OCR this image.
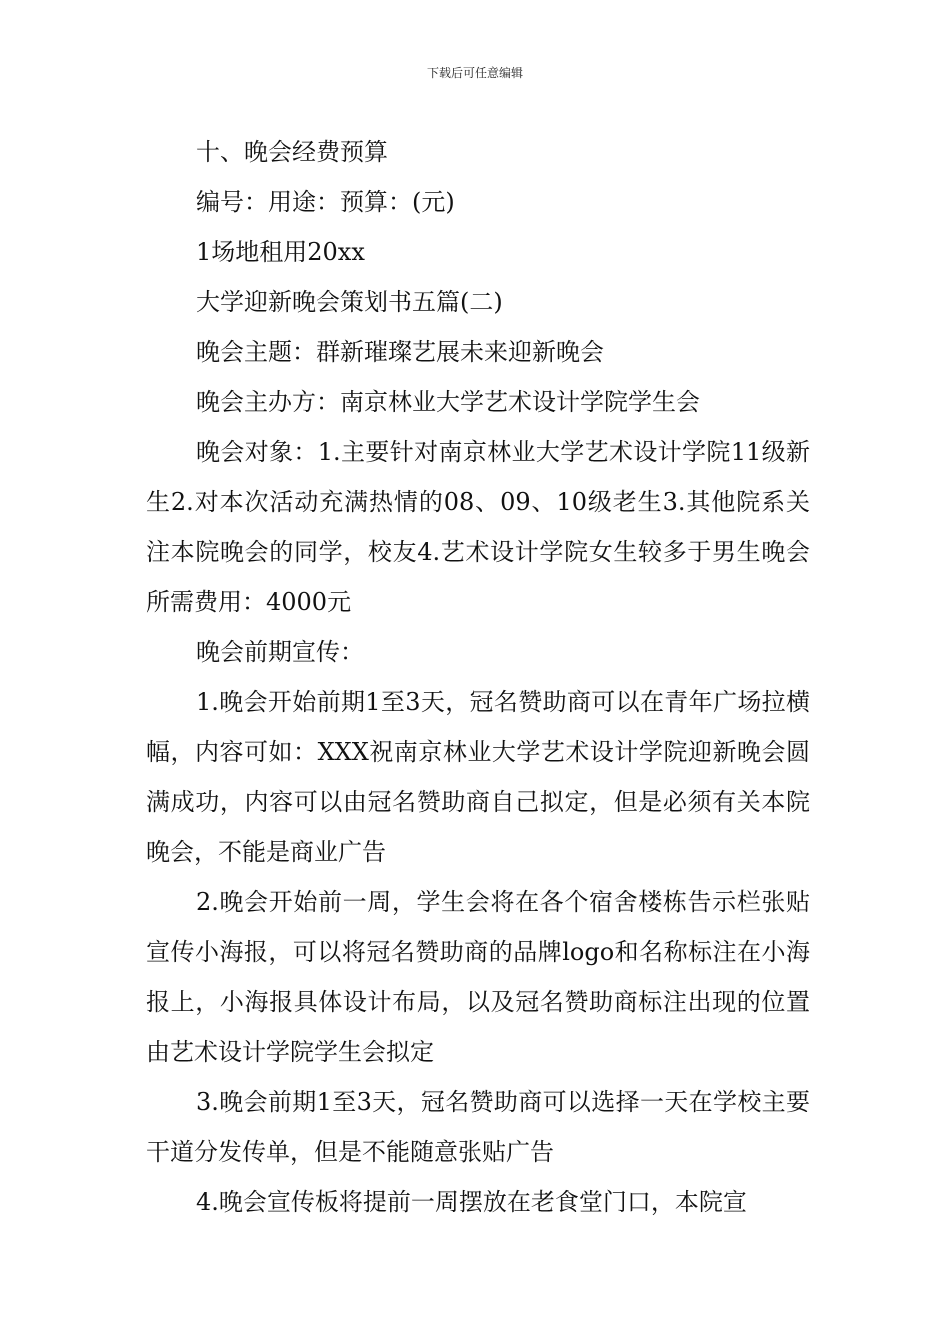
下载后可任意编辑

十、晚会经费预算

编号：用途：预算：(元)

1场地租用20xx

大学迎新晚会策划书五篇(二)

晚会主题：群新璀璨艺展未来迎新晚会

晚会主办方：南京林业大学艺术设计学院学生会

晚会对象：1.主要针对南京林业大学艺术设计学院11级新生2.对本次活动充满热情的08、09、10级老生3.其他院系关注本院晚会的同学，校友4.艺术设计学院女生较多于男生晚会所需费用：4000元

晚会前期宣传：

1.晚会开始前期1至3天，冠名赞助商可以在青年广场拉横幅，内容可如：XXX祝南京林业大学艺术设计学院迎新晚会圆满成功，内容可以由冠名赞助商自己拟定，但是必须有关本院晚会，不能是商业广告

2.晚会开始前一周，学生会将在各个宿舍楼栋告示栏张贴宣传小海报，可以将冠名赞助商的品牌logo和名称标注在小海报上，小海报具体设计布局，以及冠名赞助商标注出现的位置由艺术设计学院学生会拟定

3.晚会前期1至3天，冠名赞助商可以选择一天在学校主要干道分发传单，但是不能随意张贴广告

4.晚会宣传板将提前一周摆放在老食堂门口，本院宣
